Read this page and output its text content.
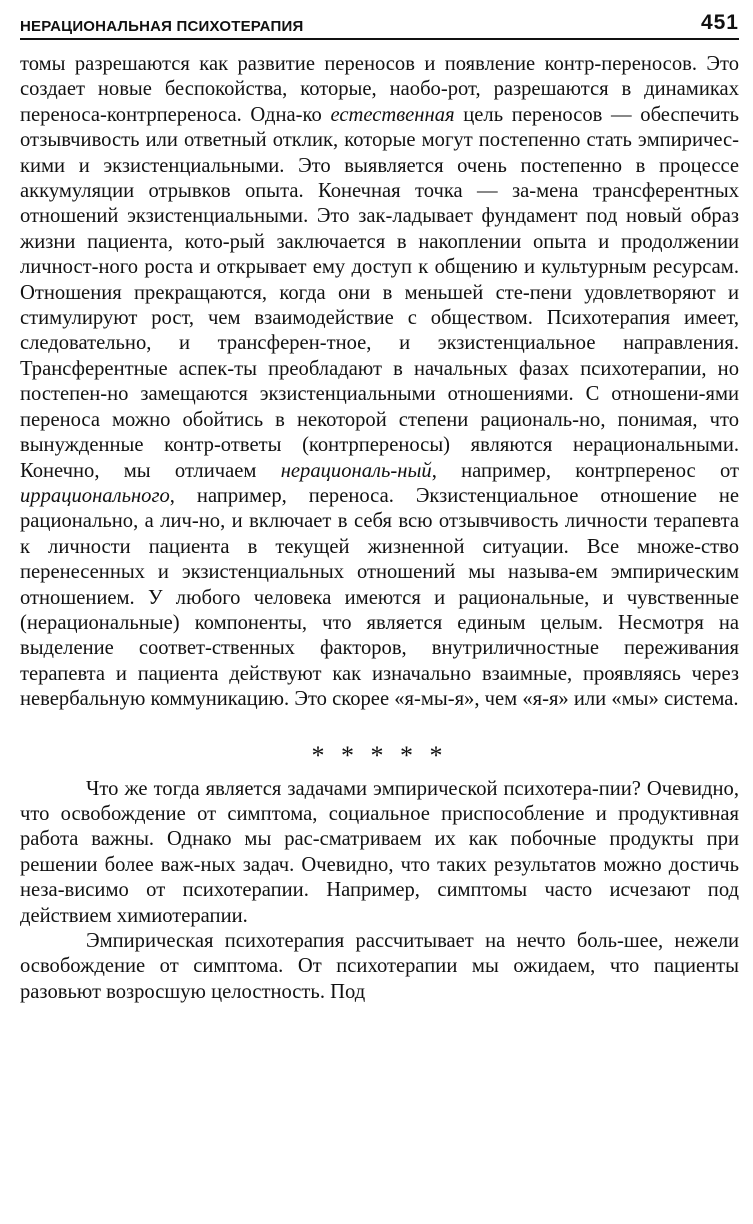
НЕРАЦИОНАЛЬНАЯ ПСИХОТЕРАПИЯ	451

томы разрешаются как развитие переносов и появление контр-переносов. Это создает новые беспокойства, которые, наобо-рот, разрешаются в динамиках переноса-контрпереноса. Одна-ко естественная цель переносов — обеспечить отзывчивость или ответный отклик, которые могут постепенно стать эмпиричес-кими и экзистенциальными. Это выявляется очень постепенно в процессе аккумуляции отрывков опыта. Конечная точка — за-мена трансферентных отношений экзистенциальными. Это зак-ладывает фундамент под новый образ жизни пациента, кото-рый заключается в накоплении опыта и продолжении личност-ного роста и открывает ему доступ к общению и культурным ресурсам. Отношения прекращаются, когда они в меньшей сте-пени удовлетворяют и стимулируют рост, чем взаимодействие с обществом. Психотерапия имеет, следовательно, и трансферен-тное, и экзистенциальное направления. Трансферентные аспек-ты преобладают в начальных фазах психотерапии, но постепен-но замещаются экзистенциальными отношениями. С отношени-ями переноса можно обойтись в некоторой степени рациональ-но, понимая, что вынужденные контр-ответы (контрпереносы) являются нерациональными. Конечно, мы отличаем нерациональ-ный, например, контрперенос от иррационального, например, переноса. Экзистенциальное отношение не рационально, а лич-но, и включает в себя всю отзывчивость личности терапевта к личности пациента в текущей жизненной ситуации. Все множе-ство перенесенных и экзистенциальных отношений мы называ-ем эмпирическим отношением. У любого человека имеются и рациональные, и чувственные (нерациональные) компоненты, что является единым целым. Несмотря на выделение соответ-ственных факторов, внутриличностные переживания терапевта и пациента действуют как изначально взаимные, проявляясь через невербальную коммуникацию. Это скорее «я-мы-я», чем «я-я» или «мы» система.

* * * * *

Что же тогда является задачами эмпирической психотера-пии? Очевидно, что освобождение от симптома, социальное приспособление и продуктивная работа важны. Однако мы рас-сматриваем их как побочные продукты при решении более важ-ных задач. Очевидно, что таких результатов можно достичь неза-висимо от психотерапии. Например, симптомы часто исчезают под действием химиотерапии.

Эмпирическая психотерапия рассчитывает на нечто боль-шее, нежели освобождение от симптома. От психотерапии мы ожидаем, что пациенты разовьют возросшую целостность. Под
